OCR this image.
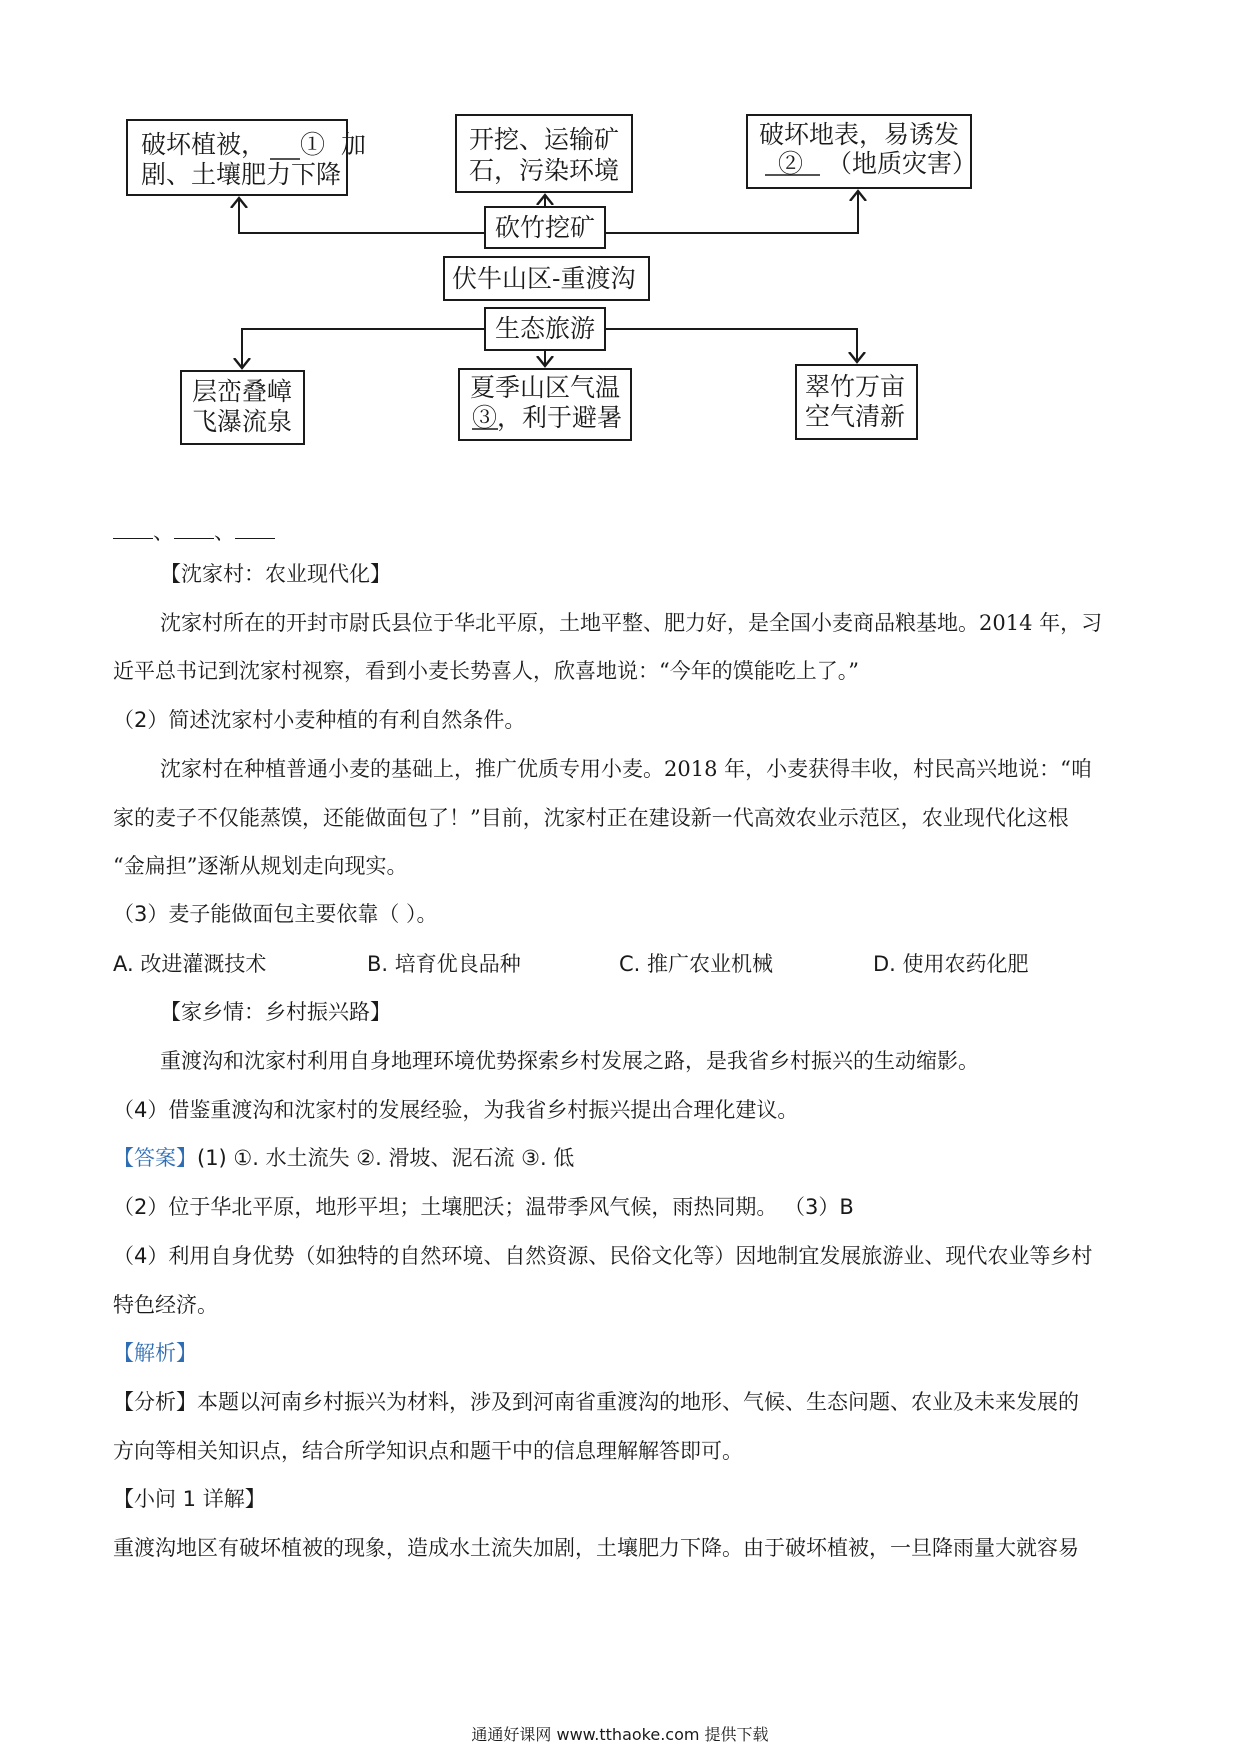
破坏植被， ① 加
剧、土壤肥力下降
开挖、运输矿
石，污染环境
破坏地表，易诱发
② （地质灾害）
砍竹挖矿
伏牛山区-重渡沟
生态旅游
层峦叠嶂
飞瀑流泉
夏季山区气温
③，利于避暑
翠竹万亩
空气清新
、 、
【沈家村：农业现代化】
沈家村所在的开封市尉氏县位于华北平原，土地平整、肥力好，是全国小麦商品粮基地。2014 年，习
近平总书记到沈家村视察，看到小麦长势喜人，欣喜地说：“今年的馍能吃上了。”
（2）简述沈家村小麦种植的有利自然条件。
沈家村在种植普通小麦的基础上，推广优质专用小麦。2018 年，小麦获得丰收，村民高兴地说：“咱
家的麦子不仅能蒸馍，还能做面包了！”目前，沈家村正在建设新一代高效农业示范区，农业现代化这根
“金扁担”逐渐从规划走向现实。
（3）麦子能做面包主要依靠（ ）。
A. 改进灌溉技术	B. 培育优良品种	C. 推广农业机械	D. 使用农药化肥
【家乡情：乡村振兴路】
重渡沟和沈家村利用自身地理环境优势探索乡村发展之路，是我省乡村振兴的生动缩影。
（4）借鉴重渡沟和沈家村的发展经验，为我省乡村振兴提出合理化建议。
【答案】(1) ①. 水土流失 ②. 滑坡、泥石流 ③. 低
（2）位于华北平原，地形平坦；土壤肥沃；温带季风气候，雨热同期。 （3）B
（4）利用自身优势（如独特的自然环境、自然资源、民俗文化等）因地制宜发展旅游业、现代农业等乡村
特色经济。
【解析】
【分析】本题以河南乡村振兴为材料，涉及到河南省重渡沟的地形、气候、生态问题、农业及未来发展的
方向等相关知识点，结合所学知识点和题干中的信息理解解答即可。
【小问 1 详解】
重渡沟地区有破坏植被的现象，造成水土流失加剧，土壤肥力下降。由于破坏植被，一旦降雨量大就容易
通通好课网 www.tthaoke.com 提供下载
